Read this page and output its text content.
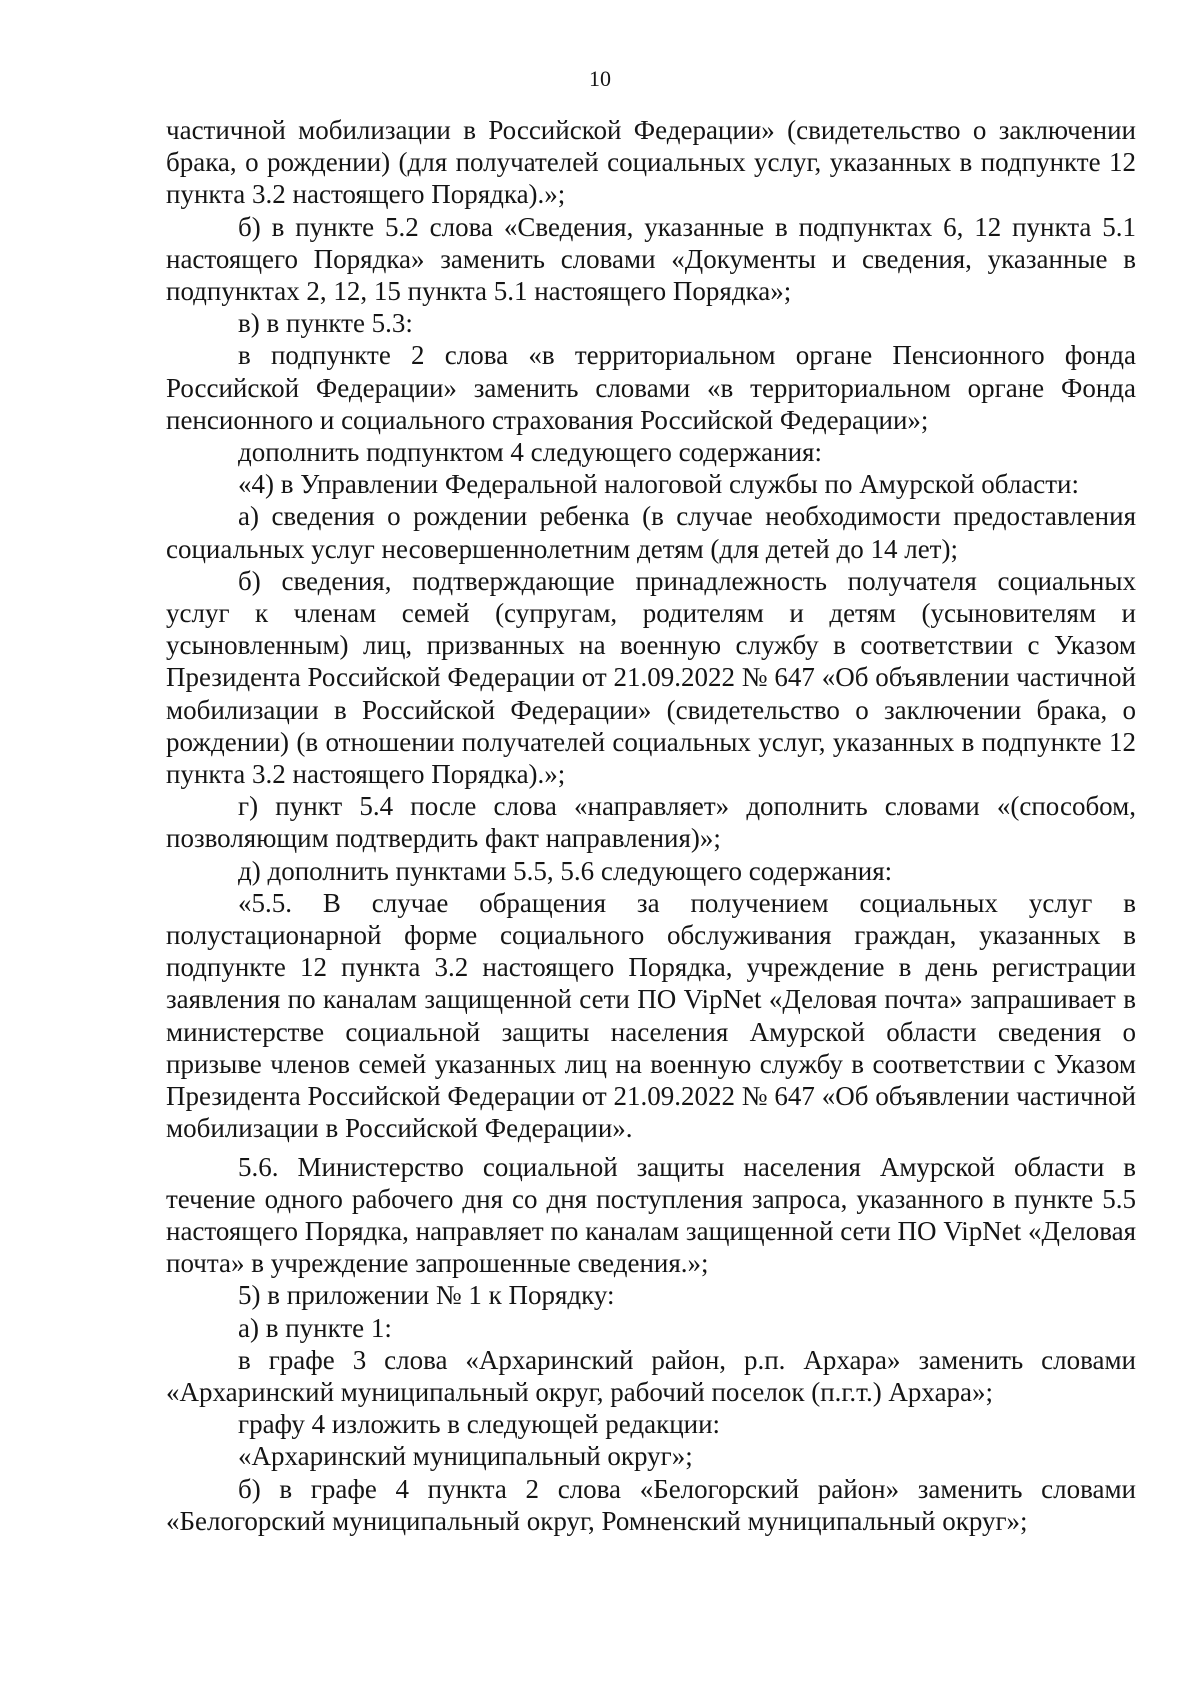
10

частичной мобилизации в Российской Федерации» (свидетельство о заключении брака, о рождении) (для получателей социальных услуг, указанных в подпункте 12 пункта 3.2 настоящего Порядка).»;

б) в пункте 5.2 слова «Сведения, указанные в подпунктах 6, 12 пункта 5.1 настоящего Порядка» заменить словами «Документы и сведения, указанные в подпунктах 2, 12, 15 пункта 5.1 настоящего Порядка»;

в) в пункте 5.3:

в подпункте 2 слова «в территориальном органе Пенсионного фонда Российской Федерации» заменить словами «в территориальном органе Фонда пенсионного и социального страхования Российской Федерации»;

дополнить подпунктом 4 следующего содержания:

«4) в Управлении Федеральной налоговой службы по Амурской области:

а) сведения о рождении ребенка (в случае необходимости предоставления социальных услуг несовершеннолетним детям (для детей до 14 лет);

б) сведения, подтверждающие принадлежность получателя социальных услуг к членам семей (супругам, родителям и детям (усыновителям и усыновленным) лиц, призванных на военную службу в соответствии с Указом Президента Российской Федерации от 21.09.2022 № 647 «Об объявлении частичной мобилизации в Российской Федерации» (свидетельство о заключении брака, о рождении) (в отношении получателей социальных услуг, указанных в подпункте 12 пункта 3.2 настоящего Порядка).»;

г) пункт 5.4 после слова «направляет» дополнить словами «(способом, позволяющим подтвердить факт направления)»;

д) дополнить пунктами 5.5, 5.6 следующего содержания:

«5.5. В случае обращения за получением социальных услуг в полустационарной форме социального обслуживания граждан, указанных в подпункте 12 пункта 3.2 настоящего Порядка, учреждение в день регистрации заявления по каналам защищенной сети ПО VipNet «Деловая почта» запрашивает в министерстве социальной защиты населения Амурской области сведения о призыве членов семей указанных лиц на военную службу в соответствии с Указом Президента Российской Федерации от 21.09.2022 № 647 «Об объявлении частичной мобилизации в Российской Федерации».

5.6. Министерство социальной защиты населения Амурской области в течение одного рабочего дня со дня поступления запроса, указанного в пункте 5.5 настоящего Порядка, направляет по каналам защищенной сети ПО VipNet «Деловая почта» в учреждение запрошенные сведения.»;

5) в приложении № 1 к Порядку:

а) в пункте 1:

в графе 3 слова «Архаринский район, р.п. Архара» заменить словами «Архаринский муниципальный округ, рабочий поселок (п.г.т.) Архара»;

графу 4 изложить в следующей редакции:

«Архаринский муниципальный округ»;

б) в графе 4 пункта 2 слова «Белогорский район» заменить словами «Белогорский муниципальный округ, Ромненский муниципальный округ»;
